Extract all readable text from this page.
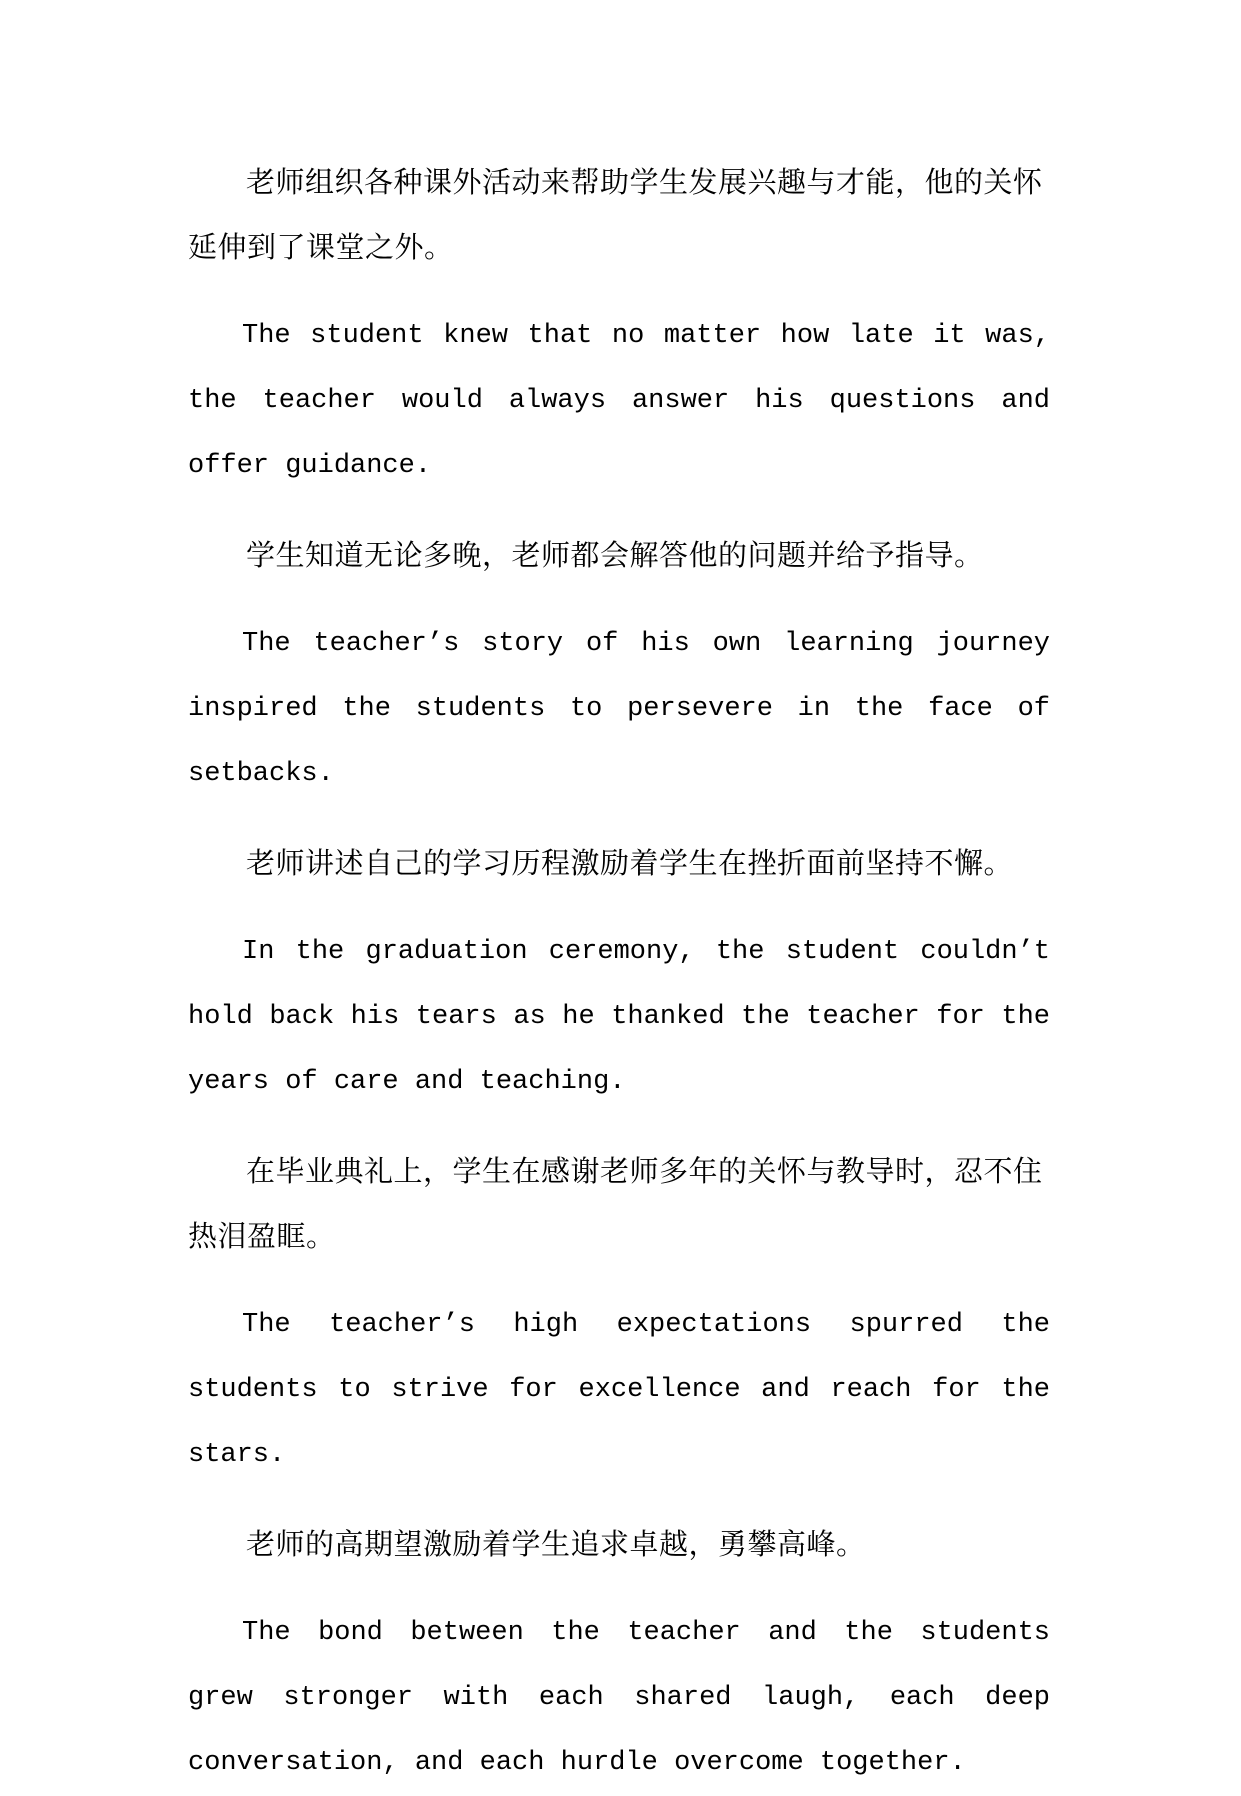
老师组织各种课外活动来帮助学生发展兴趣与才能，他的关怀延伸到了课堂之外。

The student knew that no matter how late it was, the teacher would always answer his questions and offer guidance.

学生知道无论多晚，老师都会解答他的问题并给予指导。

The teacher’s story of his own learning journey inspired the students to persevere in the face of setbacks.

老师讲述自己的学习历程激励着学生在挫折面前坚持不懈。

In the graduation ceremony, the student couldn’t hold back his tears as he thanked the teacher for the years of care and teaching.

在毕业典礼上，学生在感谢老师多年的关怀与教导时，忍不住热泪盈眶。

The teacher’s high expectations spurred the students to strive for excellence and reach for the stars.

老师的高期望激励着学生追求卓越，勇攀高峰。

The bond between the teacher and the students grew stronger with each shared laugh, each deep conversation, and each hurdle overcome together.
